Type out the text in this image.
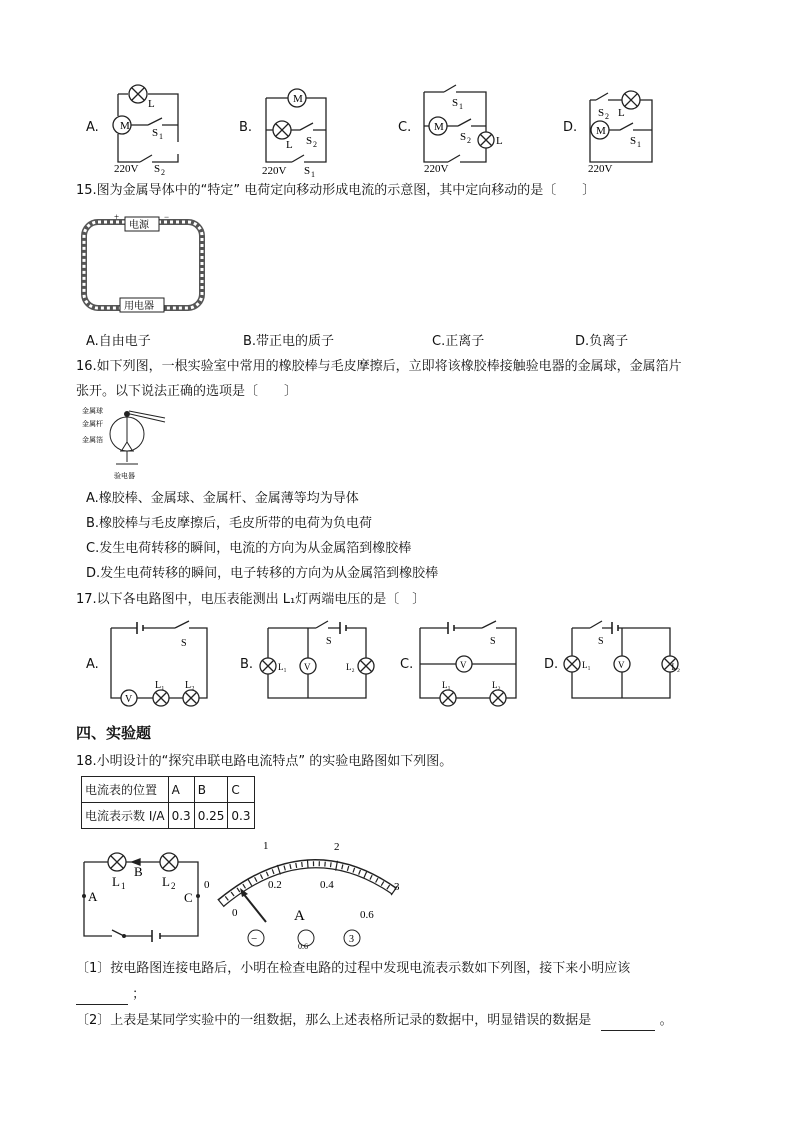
A. M
L
S 1
S 2
220V
B.
M
L S 2
S 1
220V
C. M
S 1
S 2 L
220V
D. M
S 2 L
S 1
220V
15.图为金属导体中的“特定” 电荷定向移动形成电流的示意图，其中定向移动的是〔　　〕
电源
用电器
+	−
A.自由电子	B.带正电的质子	C.正离子	D.负离子
16.如下列图，一根实验室中常用的橡胶棒与毛皮摩擦后，立即将该橡胶棒接触验电器的金属球，金属箔片
张开。以下说法正确的选项是〔　　〕
金属球
金属杆
金属箔
验电器
A.橡胶棒、金属球、金属杆、金属薄等均为导体
B.橡胶棒与毛皮摩擦后，毛皮所带的电荷为负电荷
C.发生电荷转移的瞬间，电流的方向为从金属箔到橡胶棒
D.发生电荷转移的瞬间，电子转移的方向为从金属箔到橡胶棒
17.以下各电路图中，电压表能测出 L₁灯两端电压的是〔　〕
A.
V
S
L₁ L₂
B.
S
L₁ V	L₂	C.
S
V
L₁	L₂
D.
S
L₁	V	L₂
四、实验题
18.小明设计的“探究串联电路电流特点” 的实验电路图如下列图。
电流表的位置	A	B	C
电流表示数 I/A	0.3	0.25	0.3
L 1	L 2
B
A	C
0
1	2
3
0
0.2	0.4
0.6
A
−
0.6
3
〔1〕按电路图连接电路后，小明在检查电路的过程中发现电流表示数如下列图，接下来小明应该
；
〔2〕上表是某同学实验中的一组数据，那么上述表格所记录的数据中，明显错误的数据是	。
